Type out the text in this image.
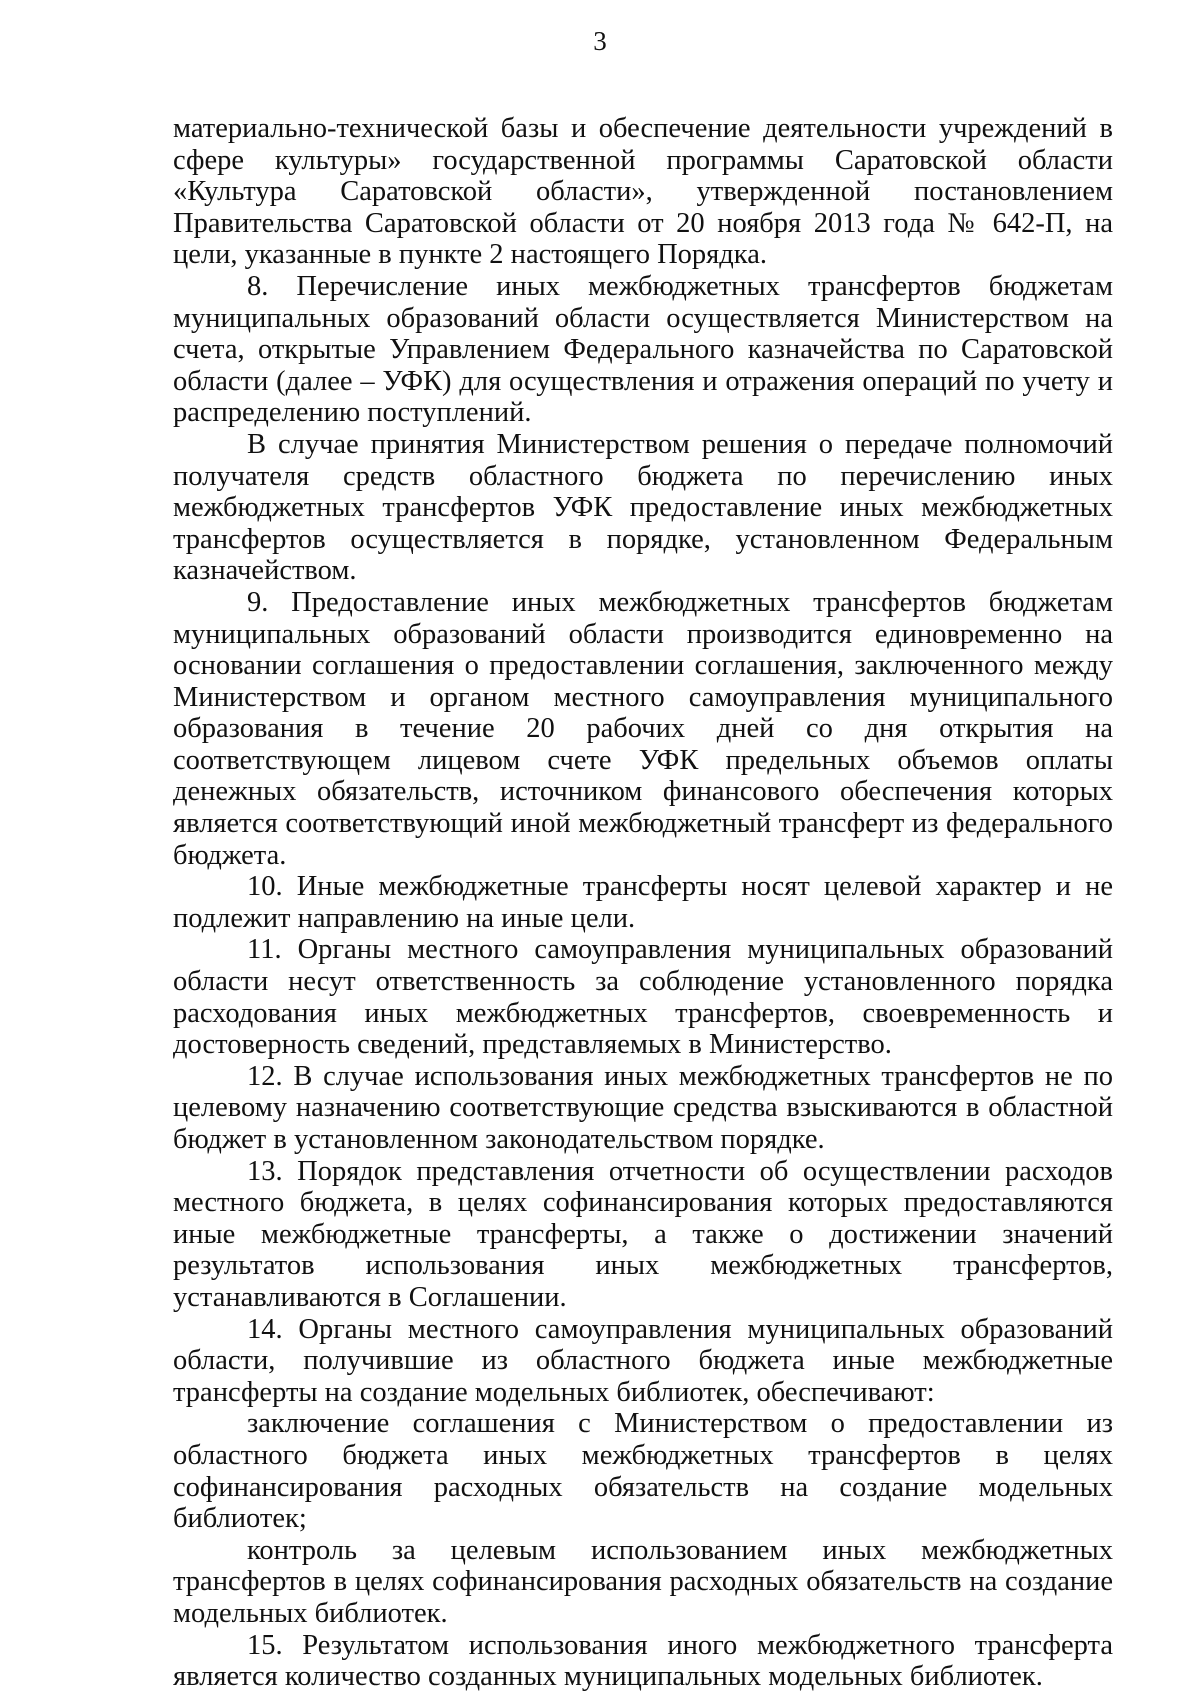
3

материально-технической базы и обеспечение деятельности учреждений в сфере культуры» государственной программы Саратовской области «Культура Саратовской области», утвержденной постановлением Правительства Саратовской области от 20 ноября 2013 года № 642-П, на цели, указанные в пункте 2 настоящего Порядка.

8. Перечисление иных межбюджетных трансфертов бюджетам муниципальных образований области осуществляется Министерством на счета, открытые Управлением Федерального казначейства по Саратовской области (далее – УФК) для осуществления и отражения операций по учету и распределению поступлений.

В случае принятия Министерством решения о передаче полномочий получателя средств областного бюджета по перечислению иных межбюджетных трансфертов УФК предоставление иных межбюджетных трансфертов осуществляется в порядке, установленном Федеральным казначейством.

9. Предоставление иных межбюджетных трансфертов бюджетам муниципальных образований области производится единовременно на основании соглашения о предоставлении соглашения, заключенного между Министерством и органом местного самоуправления муниципального образования в течение 20 рабочих дней со дня открытия на соответствующем лицевом счете УФК предельных объемов оплаты денежных обязательств, источником финансового обеспечения которых является соответствующий иной межбюджетный трансферт из федерального бюджета.

10. Иные межбюджетные трансферты носят целевой характер и не подлежит направлению на иные цели.

11. Органы местного самоуправления муниципальных образований области несут ответственность за соблюдение установленного порядка расходования иных межбюджетных трансфертов, своевременность и достоверность сведений, представляемых в Министерство.

12. В случае использования иных межбюджетных трансфертов не по целевому назначению соответствующие средства взыскиваются в областной бюджет в установленном законодательством порядке.

13. Порядок представления отчетности об осуществлении расходов местного бюджета, в целях софинансирования которых предоставляются иные межбюджетные трансферты, а также о достижении значений результатов использования иных межбюджетных трансфертов, устанавливаются в Соглашении.

14. Органы местного самоуправления муниципальных образований области, получившие из областного бюджета иные межбюджетные трансферты на создание модельных библиотек, обеспечивают:

заключение соглашения с Министерством о предоставлении из областного бюджета иных межбюджетных трансфертов в целях софинансирования расходных обязательств на создание модельных библиотек;

контроль за целевым использованием иных межбюджетных трансфертов в целях софинансирования расходных обязательств на создание модельных библиотек.

15. Результатом использования иного межбюджетного трансферта является количество созданных муниципальных модельных библиотек.
